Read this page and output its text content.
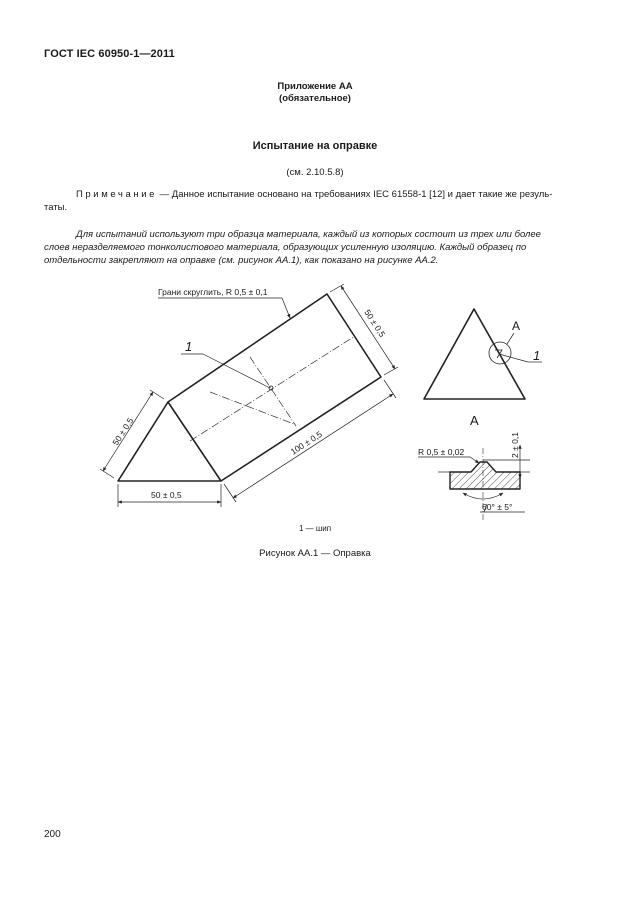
ГОСТ IEC 60950-1—2011
Приложение АА
(обязательное)
Испытание на оправке
(см. 2.10.5.8)
Примечание — Данное испытание основано на требованиях IEC 61558-1 [12] и дает такие же резуль-
таты.
Для испытаний используют три образца материала, каждый из которых состоит из трех или более
слоев неразделяемого тонколистового материала, образующих усиленную изоляцию. Каждый образец по
отдельности закрепляют на оправке (см. рисунок АА.1), как показано на рисунке АА.2.
Грани скруглить, R 0,5 ± 0,1
1
50 ± 0,5
50 ± 0,5
50 ± 0,5
100 ± 0,5
A
1
A
R 0,5 ± 0,02	2 ± 0,1
60° ± 5°
1 — шип
Рисунок АА.1 — Оправка
200
